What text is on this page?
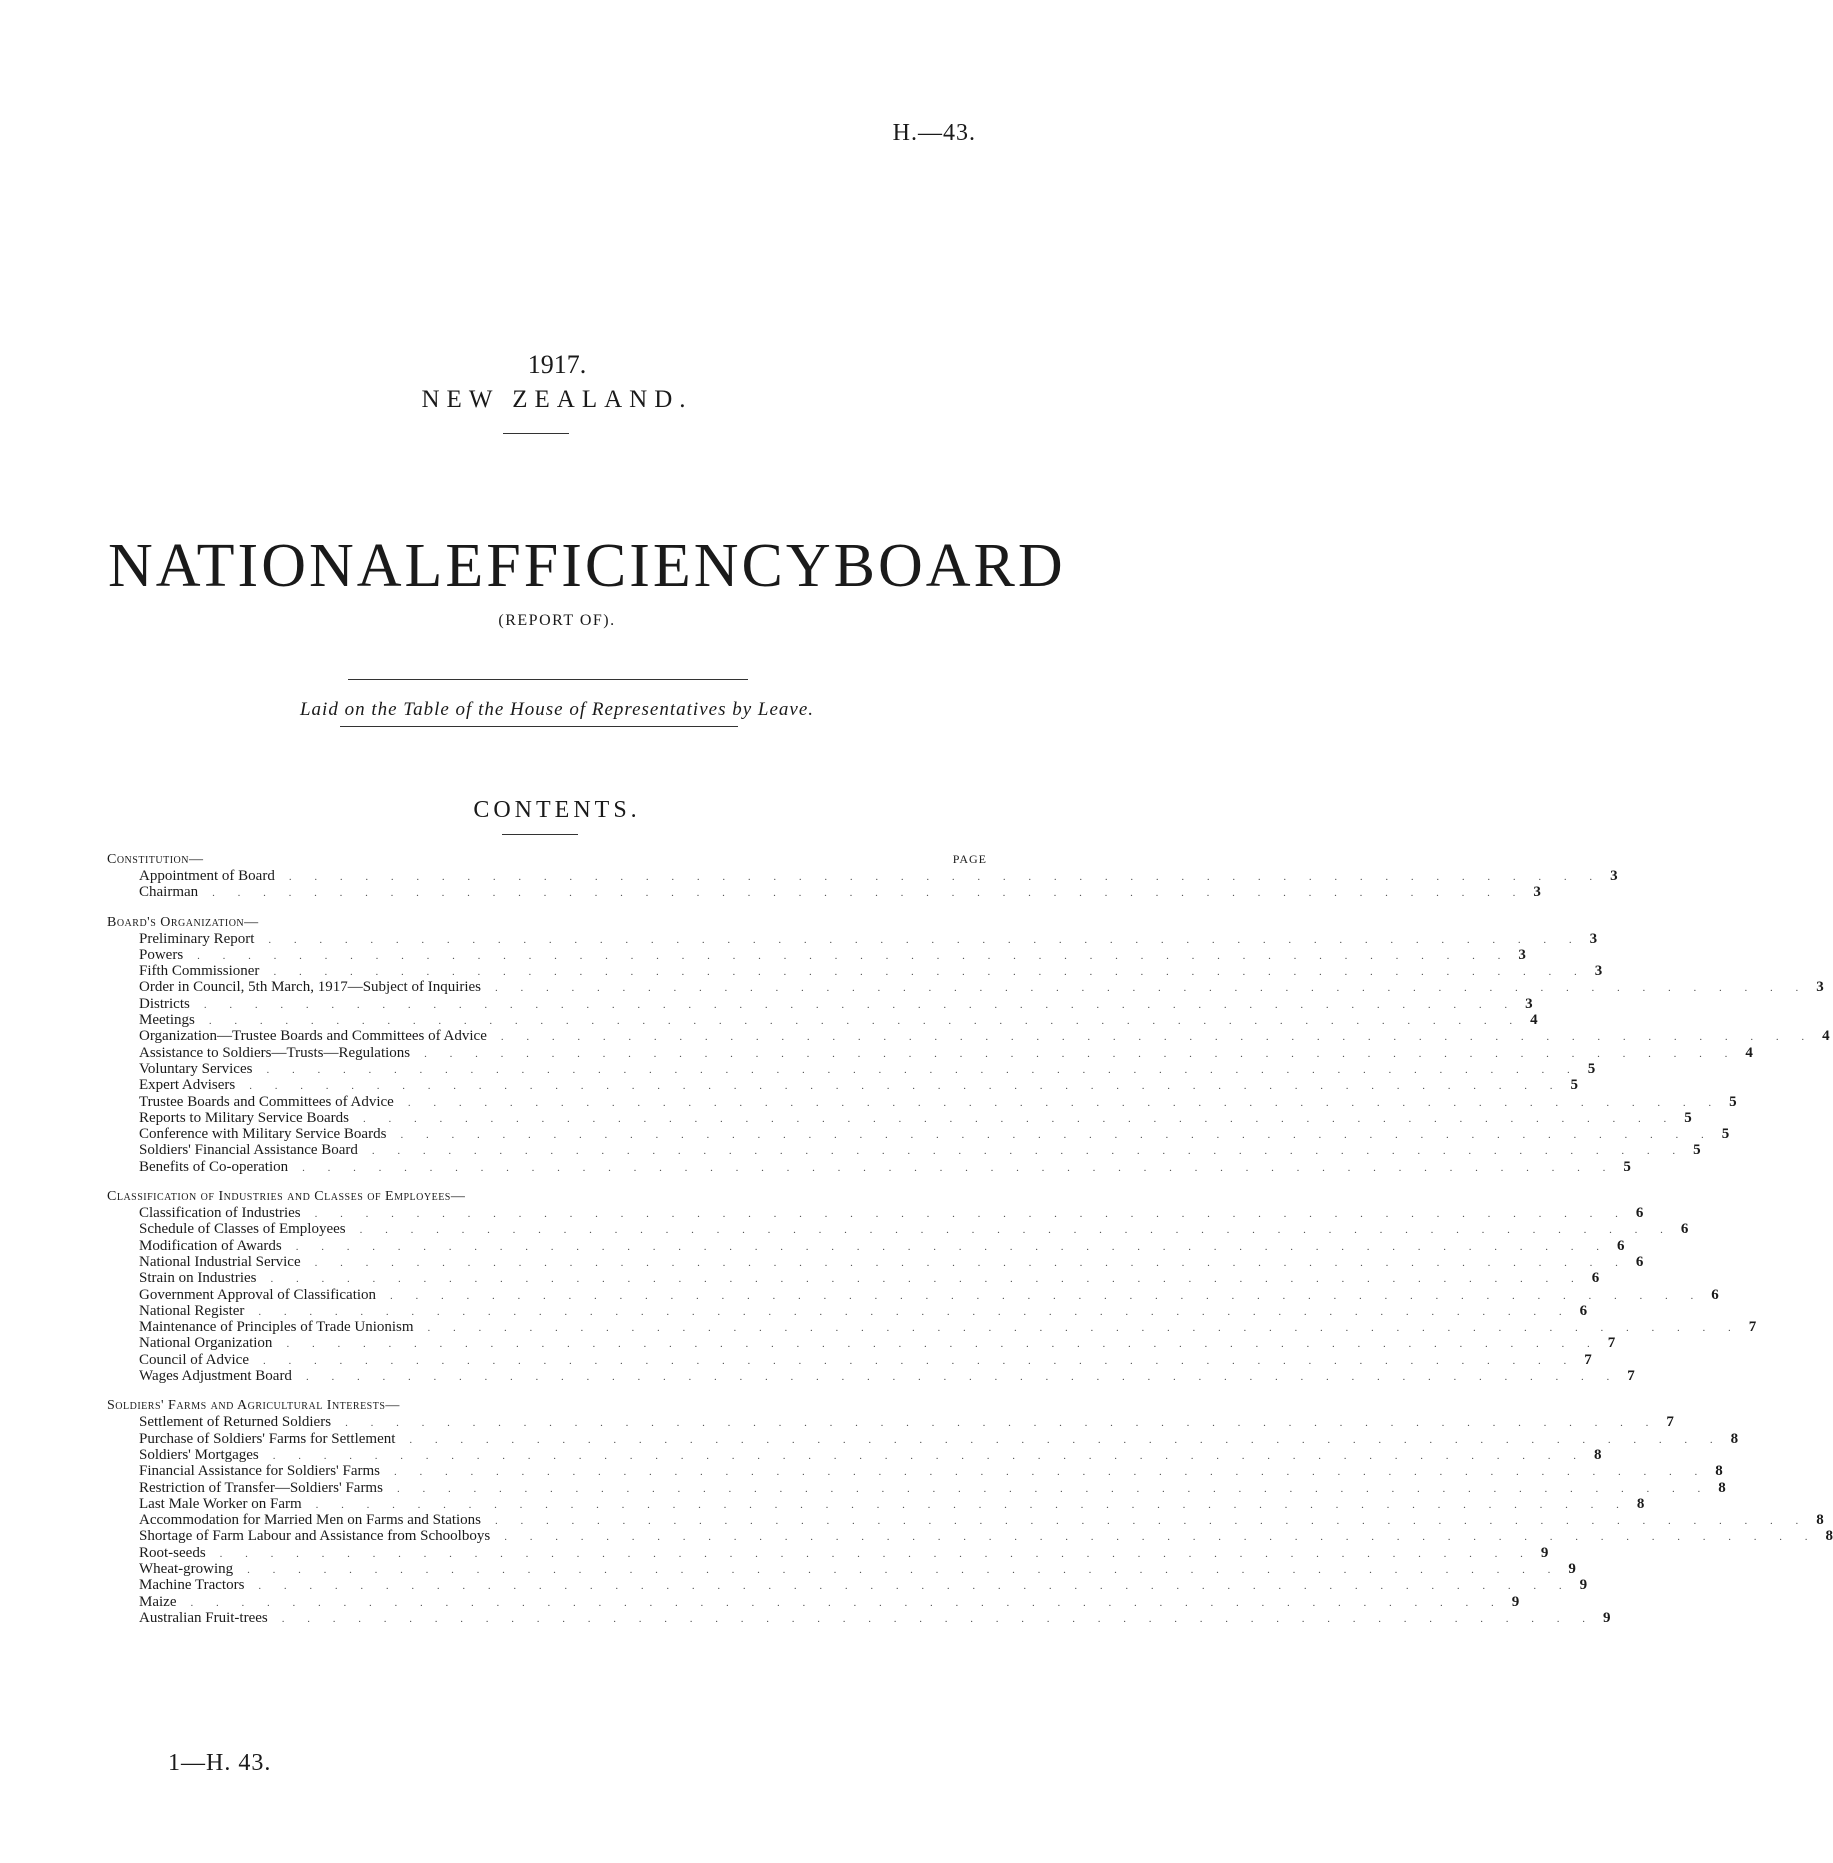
H.—43.
1917.
NEW ZEALAND.
NATIONAL EFFICIENCY BOARD
(REPORT OF).
Laid on the Table of the House of Representatives by Leave.
CONTENTS.
PAGE
Constitution—
Appointment of Board	. . . . . . . . . . . . . . . . . . . . . . . . . . . . . . . . . . . . . . . . . . . . . . . . . . . . 3
Chairman	. . . . . . . . . . . . . . . . . . . . . . . . . . . . . . . . . . . . . . . . . . . . . . . . . . . . 3
Board's Organization—
Preliminary Report	. . . . . . . . . . . . . . . . . . . . . . . . . . . . . . . . . . . . . . . . . . . . . . . . . . . . 3
Powers	. . . . . . . . . . . . . . . . . . . . . . . . . . . . . . . . . . . . . . . . . . . . . . . . . . . . 3
Fifth Commissioner	. . . . . . . . . . . . . . . . . . . . . . . . . . . . . . . . . . . . . . . . . . . . . . . . . . . . 3
Order in Council, 5th March, 1917—Subject of Inquiries	. . . . . . . . . . . . . . . . . . . . . . . . . . . . . . . . . . . . . . . . . . . . . . . . . . . . 3
Districts	. . . . . . . . . . . . . . . . . . . . . . . . . . . . . . . . . . . . . . . . . . . . . . . . . . . . 3
Meetings	. . . . . . . . . . . . . . . . . . . . . . . . . . . . . . . . . . . . . . . . . . . . . . . . . . . . 4
Organization—Trustee Boards and Committees of Advice	. . . . . . . . . . . . . . . . . . . . . . . . . . . . . . . . . . . . . . . . . . . . . . . . . . . . 4
Assistance to Soldiers—Trusts—Regulations	. . . . . . . . . . . . . . . . . . . . . . . . . . . . . . . . . . . . . . . . . . . . . . . . . . . . 4
Voluntary Services	. . . . . . . . . . . . . . . . . . . . . . . . . . . . . . . . . . . . . . . . . . . . . . . . . . . . 5
Expert Advisers	. . . . . . . . . . . . . . . . . . . . . . . . . . . . . . . . . . . . . . . . . . . . . . . . . . . . 5
Trustee Boards and Committees of Advice	. . . . . . . . . . . . . . . . . . . . . . . . . . . . . . . . . . . . . . . . . . . . . . . . . . . . 5
Reports to Military Service Boards	. . . . . . . . . . . . . . . . . . . . . . . . . . . . . . . . . . . . . . . . . . . . . . . . . . . . 5
Conference with Military Service Boards	. . . . . . . . . . . . . . . . . . . . . . . . . . . . . . . . . . . . . . . . . . . . . . . . . . . . 5
Soldiers' Financial Assistance Board	. . . . . . . . . . . . . . . . . . . . . . . . . . . . . . . . . . . . . . . . . . . . . . . . . . . . 5
Benefits of Co-operation	. . . . . . . . . . . . . . . . . . . . . . . . . . . . . . . . . . . . . . . . . . . . . . . . . . . . 5
Classification of Industries and Classes of Employees—
Classification of Industries	. . . . . . . . . . . . . . . . . . . . . . . . . . . . . . . . . . . . . . . . . . . . . . . . . . . . 6
Schedule of Classes of Employees	. . . . . . . . . . . . . . . . . . . . . . . . . . . . . . . . . . . . . . . . . . . . . . . . . . . . 6
Modification of Awards	. . . . . . . . . . . . . . . . . . . . . . . . . . . . . . . . . . . . . . . . . . . . . . . . . . . . 6
National Industrial Service	. . . . . . . . . . . . . . . . . . . . . . . . . . . . . . . . . . . . . . . . . . . . . . . . . . . . 6
Strain on Industries	. . . . . . . . . . . . . . . . . . . . . . . . . . . . . . . . . . . . . . . . . . . . . . . . . . . . 6
Government Approval of Classification	. . . . . . . . . . . . . . . . . . . . . . . . . . . . . . . . . . . . . . . . . . . . . . . . . . . . 6
National Register	. . . . . . . . . . . . . . . . . . . . . . . . . . . . . . . . . . . . . . . . . . . . . . . . . . . . 6
Maintenance of Principles of Trade Unionism	. . . . . . . . . . . . . . . . . . . . . . . . . . . . . . . . . . . . . . . . . . . . . . . . . . . . 7
National Organization	. . . . . . . . . . . . . . . . . . . . . . . . . . . . . . . . . . . . . . . . . . . . . . . . . . . . 7
Council of Advice	. . . . . . . . . . . . . . . . . . . . . . . . . . . . . . . . . . . . . . . . . . . . . . . . . . . . 7
Wages Adjustment Board	. . . . . . . . . . . . . . . . . . . . . . . . . . . . . . . . . . . . . . . . . . . . . . . . . . . . 7
Soldiers' Farms and Agricultural Interests—
Settlement of Returned Soldiers	. . . . . . . . . . . . . . . . . . . . . . . . . . . . . . . . . . . . . . . . . . . . . . . . . . . . 7
Purchase of Soldiers' Farms for Settlement	. . . . . . . . . . . . . . . . . . . . . . . . . . . . . . . . . . . . . . . . . . . . . . . . . . . . 8
Soldiers' Mortgages	. . . . . . . . . . . . . . . . . . . . . . . . . . . . . . . . . . . . . . . . . . . . . . . . . . . . 8
Financial Assistance for Soldiers' Farms	. . . . . . . . . . . . . . . . . . . . . . . . . . . . . . . . . . . . . . . . . . . . . . . . . . . . 8
Restriction of Transfer—Soldiers' Farms	. . . . . . . . . . . . . . . . . . . . . . . . . . . . . . . . . . . . . . . . . . . . . . . . . . . . 8
Last Male Worker on Farm	. . . . . . . . . . . . . . . . . . . . . . . . . . . . . . . . . . . . . . . . . . . . . . . . . . . . 8
Accommodation for Married Men on Farms and Stations	. . . . . . . . . . . . . . . . . . . . . . . . . . . . . . . . . . . . . . . . . . . . . . . . . . . . 8
Shortage of Farm Labour and Assistance from Schoolboys	. . . . . . . . . . . . . . . . . . . . . . . . . . . . . . . . . . . . . . . . . . . . . . . . . . . . 8
Root-seeds	. . . . . . . . . . . . . . . . . . . . . . . . . . . . . . . . . . . . . . . . . . . . . . . . . . . . 9
Wheat-growing	. . . . . . . . . . . . . . . . . . . . . . . . . . . . . . . . . . . . . . . . . . . . . . . . . . . . 9
Machine Tractors	. . . . . . . . . . . . . . . . . . . . . . . . . . . . . . . . . . . . . . . . . . . . . . . . . . . . 9
Maize	. . . . . . . . . . . . . . . . . . . . . . . . . . . . . . . . . . . . . . . . . . . . . . . . . . . . 9
Australian Fruit-trees	. . . . . . . . . . . . . . . . . . . . . . . . . . . . . . . . . . . . . . . . . . . . . . . . . . . . 9
1—H. 43.
